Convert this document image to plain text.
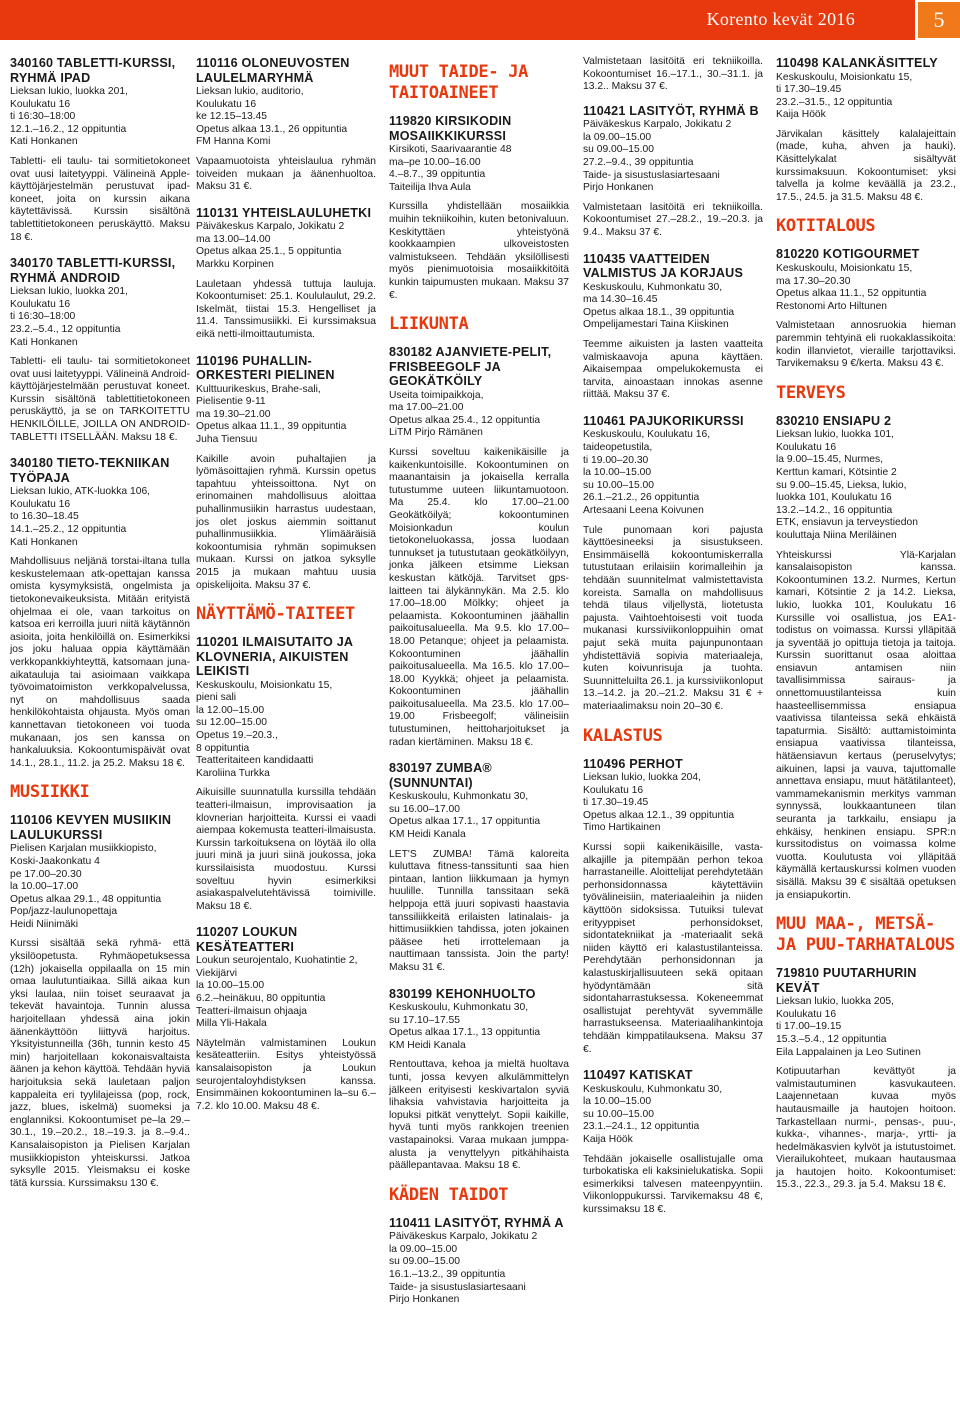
Korento kevät 2016	5
340160 TABLETTI-KURSSI, RYHMÄ IPAD

Lieksan lukio, luokka 201,

Koulukatu 16

ti 16:30–18:00

12.1.–16.2., 12 oppituntia

Kati Honkanen

Tabletti- eli taulu- tai sormitietokoneet ovat uusi laitetyyppi. Välineinä Apple-käyttöjärjestelmän perustuvat ipad-koneet, joita on kurssin aikana käytettävissä. Kurssin sisältönä tablettitietokoneen peruskäyttö. Maksu 18 €.
340170 TABLETTI-KURSSI, RYHMÄ ANDROID

Lieksan lukio, luokka 201,

Koulukatu 16

ti 16:30–18:00

23.2.–5.4., 12 oppituntia

Kati Honkanen

Tabletti- eli taulu- tai sormitietokoneet ovat uusi laitetyyppi. Välineinä Android-käyttöjärjestelmään perustuvat koneet. Kurssin sisältönä tablettitietokoneen peruskäyttö, ja se on TARKOITETTU HENKILÖILLE, JOILLA ON ANDROID-TABLETTI ITSELLÄÄN. Maksu 18 €.
340180 TIETO-TEKNIIKAN TYÖPAJA

Lieksan lukio, ATK-luokka 106,

Koulukatu 16

to 16.30–18.45

14.1.–25.2., 12 oppituntia

Kati Honkanen

Mahdollisuus neljänä torstai-iltana tulla keskustelemaan atk-opettajan kanssa omista kysymyksistä, ongelmista ja tietokonevaikeuksista. Mitään erityistä ohjelmaa ei ole, vaan tarkoitus on katsoa eri kerroilla juuri niitä käytännön asioita, joita henkilöillä on. Esimerkiksi jos joku haluaa oppia käyttämään verkkopankkiyhteyttä, katsomaan juna-aikatauluja tai asioimaan vaikkapa työvoimatoimiston verkkopalvelussa, nyt on mahdollisuus saada henkilökohtaista ohjausta. Myös oman kannettavan tietokoneen voi tuoda mukanaan, jos sen kanssa on hankaluuksia. Kokoontumispäivät ovat 14.1., 28.1., 11.2. ja 25.2. Maksu 18 €.
MUSIIKKI
110106 KEVYEN MUSIIKIN LAULUKURSSI

Pielisen Karjalan musiikkiopisto,

Koski-Jaakonkatu 4

pe 17.00–20.30

la 10.00–17.00

Opetus alkaa 29.1., 48 oppituntia

Pop/jazz-laulunopettaja

Heidi Niinimäki

Kurssi sisältää sekä ryhmä- että yksilöopetusta. Ryhmäopetuksessa (12h) jokaisella oppilaalla on 15 min omaa laulutuntiaikaa. Sillä aikaa kun yksi laulaa, niin toiset seuraavat ja tekevät havaintoja. Tunnin alussa harjoitellaan yhdessä aina jokin äänenkäyttöön liittyvä harjoitus. Yksityistunneilla (36h, tunnin kesto 45 min) harjoitellaan kokonaisvaltaista äänen ja kehon käyttöä. Tehdään hyviä harjoituksia sekä lauletaan paljon kappaleita eri tyylilajeissa (pop, rock, jazz, blues, iskelmä) suomeksi ja englanniksi. Kokoontumiset pe–la 29.–30.1., 19.–20.2., 18.–19.3. ja 8.–9.4.. Kansalaisopiston ja Pielisen Karjalan musiikkiopiston yhteiskurssi. Jatkoa syksylle 2015. Yleismaksu ei koske tätä kurssia. Kurssimaksu 130 €.
110116 OLONEUVOSTEN LAULELMARYHMÄ

Lieksan lukio, auditorio,

Koulukatu 16

ke 12.15–13.45

Opetus alkaa 13.1., 26 oppituntia

FM Hanna Komi

Vapaamuotoista yhteislaulua ryhmän toiveiden mukaan ja äänenhuoltoa. Maksu 31 €.
110131 YHTEISLAULUHETKI

Päiväkeskus Karpalo, Jokikatu 2

ma 13.00–14.00

Opetus alkaa 25.1., 5 oppituntia

Markku Korpinen

Lauletaan yhdessä tuttuja lauluja. Kokoontumiset: 25.1. Koululaulut, 29.2. Iskelmät, tiistai 15.3. Hengelliset ja 11.4. Tanssimusiikki. Ei kurssimaksua eikä netti-ilmoittautumista.
110196 PUHALLIN-ORKESTERI PIELINEN

Kulttuurikeskus, Brahe-sali,

Pielisentie 9-11

ma 19.30–21.00

Opetus alkaa 11.1., 39 oppituntia

Juha Tiensuu

Kaikille avoin puhaltajien ja lyömäsoittajien ryhmä. Kurssin opetus tapahtuu yhteissoittona. Nyt on erinomainen mahdollisuus aloittaa puhallinmusiikin harrastus uudestaan, jos olet joskus aiemmin soittanut puhallinmusiikkia. Ylimääräisiä kokoontumisia ryhmän sopimuksen mukaan. Kurssi on jatkoa syksylle 2015 ja mukaan mahtuu uusia opiskelijoita. Maksu 37 €.
NÄYTTÄMÖ-TAITEET
110201 ILMAISUTAITO JA KLOVNERIA, AIKUISTEN LEIKISTI

Keskuskoulu, Moisionkatu 15,

pieni sali

la 12.00–15.00

su 12.00–15.00

Opetus 19.–20.3.,

8 oppituntia

Teatteritaiteen kandidaatti

Karoliina Turkka

Aikuisille suunnatulla kurssilla tehdään teatteri-ilmaisun, improvisaation ja klovnerian harjoitteita. Kurssi ei vaadi aiempaa kokemusta teatteri-ilmaisusta. Kurssin tarkoituksena on löytää ilo olla juuri minä ja juuri siinä joukossa, joka kurssilaisista muodostuu. Kurssi soveltuu hyvin esimerkiksi asiakaspalvelutehtävissä toimiville. Maksu 18 €.
110207 LOUKUN KESÄTEATTERI

Loukun seurojentalo, Kuohatintie 2,

Viekijärvi

la 10.00–15.00

6.2.–heinäkuu, 80 oppituntia

Teatteri-ilmaisun ohjaaja

Milla Yli-Hakala

Näytelmän valmistaminen Loukun kesäteatteriin. Esitys yhteistyössä kansalaisopiston ja Loukun seurojentaloyhdistyksen kanssa. Ensimmäinen kokoontuminen la–su 6.–7.2. klo 10.00. Maksu 48 €.
MUUT TAIDE- JA TAITOAINEET
119820 KIRSIKODIN MOSAIIKKIKURSSI

Kirsikoti, Saarivaarantie 48

ma–pe 10.00–16.00

4.–8.7., 39 oppituntia

Taiteilija Ihva Aula

Kurssilla yhdistellään mosaiikkia muihin tekniikoihin, kuten betonivaluun. Keskityttäen yhteistyönä kookkaampien ulkoveistosten valmistukseen. Tehdään yksilöllisesti myös pienimuotoisia mosaiikkitöitä kunkin taipumusten mukaan. Maksu 37 €.
LIIKUNTA
830182 AJANVIETE-PELIT, FRISBEEGOLF JA GEOKÄTKÖILY

Useita toimipaikkoja,

ma 17.00–21.00

Opetus alkaa 25.4., 12 oppituntia

LiTM Pirjo Rämänen

Kurssi soveltuu kaikenikäisille ja kaikenkuntoisille. Kokoontuminen on maanantaisin ja jokaisella kerralla tutustumme uuteen liikuntamuotoon. Ma 25.4. klo 17.00–21.00 Geokätköilyä; kokoontuminen Moisionkadun koulun tietokoneluokassa, jossa luodaan tunnukset ja tutustutaan geokätköilyyn, jonka jälkeen etsimme Lieksan keskustan kätköjä. Tarvitset gps-laitteen tai älykännykän. Ma 2.5. klo 17.00–18.00 Mölkky; ohjeet ja pelaamista. Kokoontuminen jäähallin paikoitusalueella. Ma 9.5. klo 17.00–18.00 Petanque; ohjeet ja pelaamista. Kokoontuminen jäähallin paikoitusalueella. Ma 16.5. klo 17.00–18.00 Kyykkä; ohjeet ja pelaamista. Kokoontuminen jäähallin paikoitusalueella. Ma 23.5. klo 17.00–19.00 Frisbeegolf; välineisiin tutustuminen, heittoharjoitukset ja radan kiertäminen. Maksu 18 €.
830197 ZUMBA® (SUNNUNTAI)

Keskuskoulu, Kuhmonkatu 30,

su 16.00–17.00

Opetus alkaa 17.1., 17 oppituntia

KM Heidi Kanala

LET'S ZUMBA! Tämä kaloreita kuluttava fitness-tanssitunti saa hien pintaan, lantion liikkumaan ja hymyn huulille. Tunnilla tanssitaan sekä helppoja että juuri sopivasti haastavia tanssiliikkeitä erilaisten latinalais- ja hittimusiikkien tahdissa, joten jokainen pääsee heti irrottelemaan ja nauttimaan tanssista. Join the party! Maksu 31 €.
830199 KEHONHUOLTO

Keskuskoulu, Kuhmonkatu 30,

su 17.10–17.55

Opetus alkaa 17.1., 13 oppituntia

KM Heidi Kanala

Rentouttava, kehoa ja mieltä huoltava tunti, jossa kevyen alkulämmittelyn jälkeen erityisesti keskivartalon syviä lihaksia vahvistavia harjoitteita ja lopuksi pitkät venyttelyt. Sopii kaikille, hyvä tunti myös rankkojen treenien vastapainoksi. Varaa mukaan jumppa-alusta ja venyttelyyn pitkähihaista päällepantavaa. Maksu 18 €.
KÄDEN TAIDOT
110411 LASITYÖT, RYHMÄ A

Päiväkeskus Karpalo, Jokikatu 2

la 09.00–15.00

su 09.00–15.00

16.1.–13.2., 39 oppituntia

Taide- ja sisustuslasiartesaani

Pirjo Honkanen

Valmistetaan lasitöitä eri tekniikoilla. Kokoontumiset 16.–17.1., 30.–31.1. ja 13.2.. Maksu 37 €.
110421 LASITYÖT, RYHMÄ B

Päiväkeskus Karpalo, Jokikatu 2

la 09.00–15.00

su 09.00–15.00

27.2.–9.4., 39 oppituntia

Taide- ja sisustuslasiartesaani

Pirjo Honkanen

Valmistetaan lasitöitä eri tekniikoilla. Kokoontumiset 27.–28.2., 19.–20.3. ja 9.4.. Maksu 37 €.
110435 VAATTEIDEN VALMISTUS JA KORJAUS

Keskuskoulu, Kuhmonkatu 30,

ma 14.30–16.45

Opetus alkaa 18.1., 39 oppituntia

Ompelijamestari Taina Kiiskinen

Teemme aikuisten ja lasten vaatteita valmiskaavoja apuna käyttäen. Aikaisempaa ompelukokemusta ei tarvita, ainoastaan innokas asenne riittää. Maksu 37 €.
110461 PAJUKORIKURSSI

Keskuskoulu, Koulukatu 16,

taideopetustila,

ti 19.00–20.30

la 10.00–15.00

su 10.00–15.00

26.1.–21.2., 26 oppituntia

Artesaani Leena Koivunen

Tule punomaan kori pajusta käyttöesineeksi ja sisustukseen. Ensimmäisellä kokoontumiskerralla tutustutaan erilaisiin korimalleihin ja tehdään suunnitelmat valmistettavista koreista. Samalla on mahdollisuus tehdä tilaus viljellystä, liotetusta pajusta. Vaihtoehtoisesti voit tuoda mukanasi kurssiviikonloppuihin omat pajut sekä muita pajunpunontaan yhdistettäviä sopivia materiaaleja, kuten koivunrisuja ja tuohta. Suunnitteluilta 26.1. ja kurssiviikonloput 13.–14.2. ja 20.–21.2. Maksu 31 € + materiaalimaksu noin 20–30 €.
KALASTUS
110496 PERHOT

Lieksan lukio, luokka 204,

Koulukatu 16

ti 17.30–19.45

Opetus alkaa 12.1., 39 oppituntia

Timo Hartikainen

Kurssi sopii kaikenikäisille, vasta-alkajille ja pitempään perhon tekoa harrastaneille. Aloittelijat perehdytetään perhonsidonnassa käytettäviin työvälineisiin, materiaaleihin ja niiden käyttöön sidoksissa. Tutuiksi tulevat erityyppiset perhonsidokset, sidontatekniikat ja -materiaalit sekä niiden käyttö eri kalastustilanteissa. Perehdytään perhonsidonnan ja kalastuskirjallisuuteen sekä opitaan hyödyntämään sitä sidontaharrastuksessa. Kokeneemmat osallistujat perehtyvät syvemmälle harrastukseensa. Materiaalihankintoja tehdään kimppatilauksena. Maksu 37 €.
110497 KATISKAT

Keskuskoulu, Kuhmonkatu 30,

la 10.00–15.00

su 10.00–15.00

23.1.–24.1., 12 oppituntia

Kaija Höök

Tehdään jokaiselle osallistujalle oma turbokatiska eli kaksinielukatiska. Sopii esimerkiksi talvesen mateenpyyntiin. Viikonloppukurssi. Tarvikemaksu 48 €, kurssimaksu 18 €.
110498 KALANKÄSITTELY

Keskuskoulu, Moisionkatu 15,

ti 17.30–19.45

23.2.–31.5., 12 oppituntia

Kaija Höök

Järvikalan käsittely kalalajeittain (made, kuha, ahven ja hauki). Käsittelykalat sisältyvät kurssimaksuun. Kokoontumiset: yksi talvella ja kolme keväällä ja 23.2., 17.5., 24.5. ja 31.5. Maksu 48 €.
KOTITALOUS
810220 KOTIGOURMET

Keskuskoulu, Moisionkatu 15,

ma 17.30–20.30

Opetus alkaa 11.1., 52 oppituntia

Restonomi Arto Hiltunen

Valmistetaan annosruokia hieman paremmin tehtyinä eli ruokaklassikoita: kodin illanvietot, vieraille tarjottaviksi. Tarvikemaksu 9 €/kerta. Maksu 43 €.
TERVEYS
830210 ENSIAPU 2

Lieksan lukio, luokka 101,

Koulukatu 16

la 9.00–15.45, Nurmes,

Kerttun kamari, Kötsintie 2

su 9.00–15.45, Lieksa, lukio,

luokka 101, Koulukatu 16

13.2.–14.2., 16 oppituntia

ETK, ensiavun ja terveystiedon kouluttaja Niina Meriläinen

Yhteiskurssi Ylä-Karjalan kansalaisopiston kanssa. Kokoontuminen 13.2. Nurmes, Kertun kamari, Kötsintie 2 ja 14.2. Lieksa, lukio, luokka 101, Koulukatu 16 Kurssille voi osallistua, jos EA1-todistus on voimassa. Kurssi ylläpitää ja syventää jo opittuja tietoja ja taitoja. Kurssin suorittanut osaa aloittaa ensiavun antamisen niin tavallisimmissa sairaus- ja onnettomuustilanteissa kuin haasteellisemmissa ensiapua vaativissa tilanteissa sekä ehkäistä tapaturmia. Sisältö: auttamistoiminta ensiapua vaativissa tilanteissa, hätäensiavun kertaus (peruselvytys; aikuinen, lapsi ja vauva, tajuttomalle annettava ensiapu, muut hätätilanteet), vammamekanismin merkitys vamman synnyssä, loukkaantuneen tilan seuranta ja tarkkailu, ensiapu ja ehkäisy, henkinen ensiapu. SPR:n kurssitodistus on voimassa kolme vuotta. Koulutusta voi ylläpitää käymällä kertauskurssi kolmen vuoden sisällä. Maksu 39 € sisältää opetuksen ja ensiapukortin.
MUU MAA-, METSÄ- JA PUU-TARHATALOUS
719810 PUUTARHURIN KEVÄT

Lieksan lukio, luokka 205,

Koulukatu 16

ti 17.00–19.15

15.3.–5.4., 12 oppituntia

Eila Lappalainen ja Leo Sutinen

Kotipuutarhan kevättyöt ja valmistautuminen kasvukauteen. Laajennetaan kuvaa myös hautausmaille ja hautojen hoitoon. Tarkastellaan nurmi-, pensas-, puu-, kukka-, vihannes-, marja-, yrtti- ja hedelmäkasvien kylvöt ja istutustoimet. Vierailukohteet, mukaan hautausmaa ja hautojen hoito. Kokoontumiset: 15.3., 22.3., 29.3. ja 5.4. Maksu 18 €.
